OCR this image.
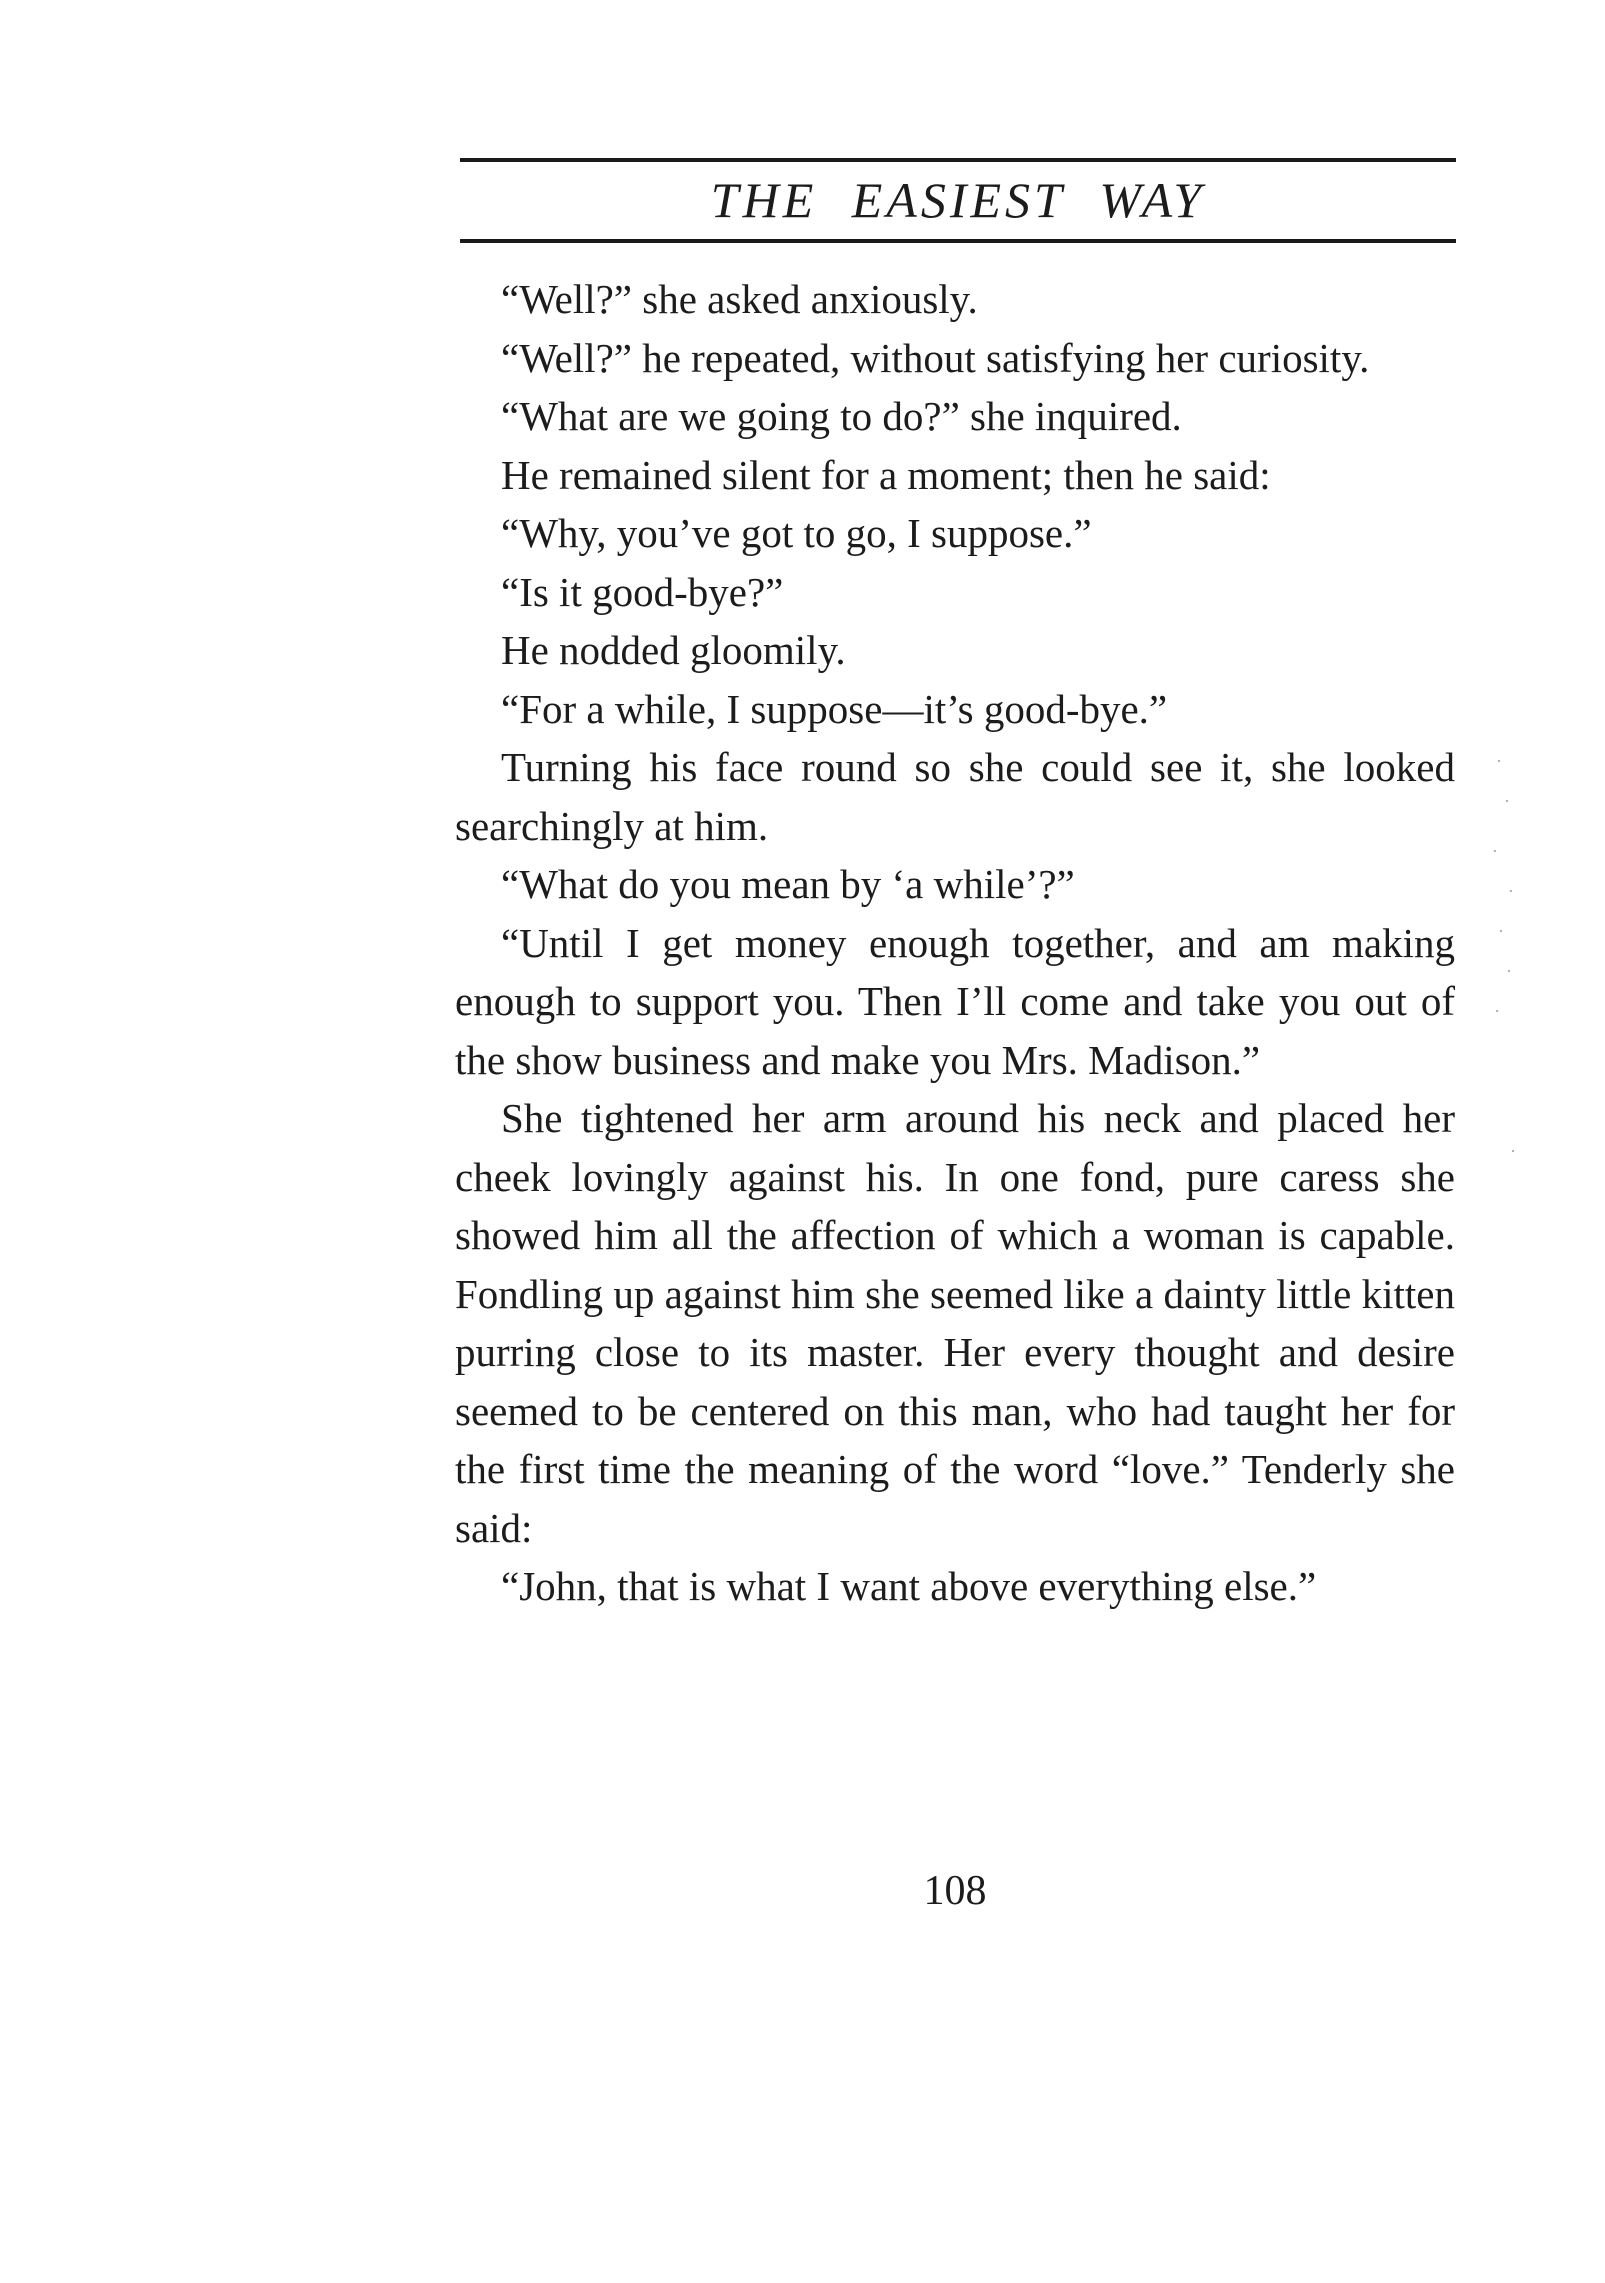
THE EASIEST WAY

“Well?” she asked anxiously.

“Well?” he repeated, without satisfying her curiosity.

“What are we going to do?” she inquired.

He remained silent for a moment; then he said:

“Why, you’ve got to go, I suppose.”

“Is it good-bye?”

He nodded gloomily.

“For a while, I suppose—it’s good-bye.”

Turning his face round so she could see it, she looked searchingly at him.

“What do you mean by ‘a while’?”

“Until I get money enough together, and am making enough to support you. Then I’ll come and take you out of the show business and make you Mrs. Madison.”

She tightened her arm around his neck and placed her cheek lovingly against his. In one fond, pure caress she showed him all the affection of which a woman is capable. Fondling up against him she seemed like a dainty little kitten purring close to its master. Her every thought and desire seemed to be centered on this man, who had taught her for the first time the meaning of the word “love.” Tenderly she said:

“John, that is what I want above everything else.”

108
